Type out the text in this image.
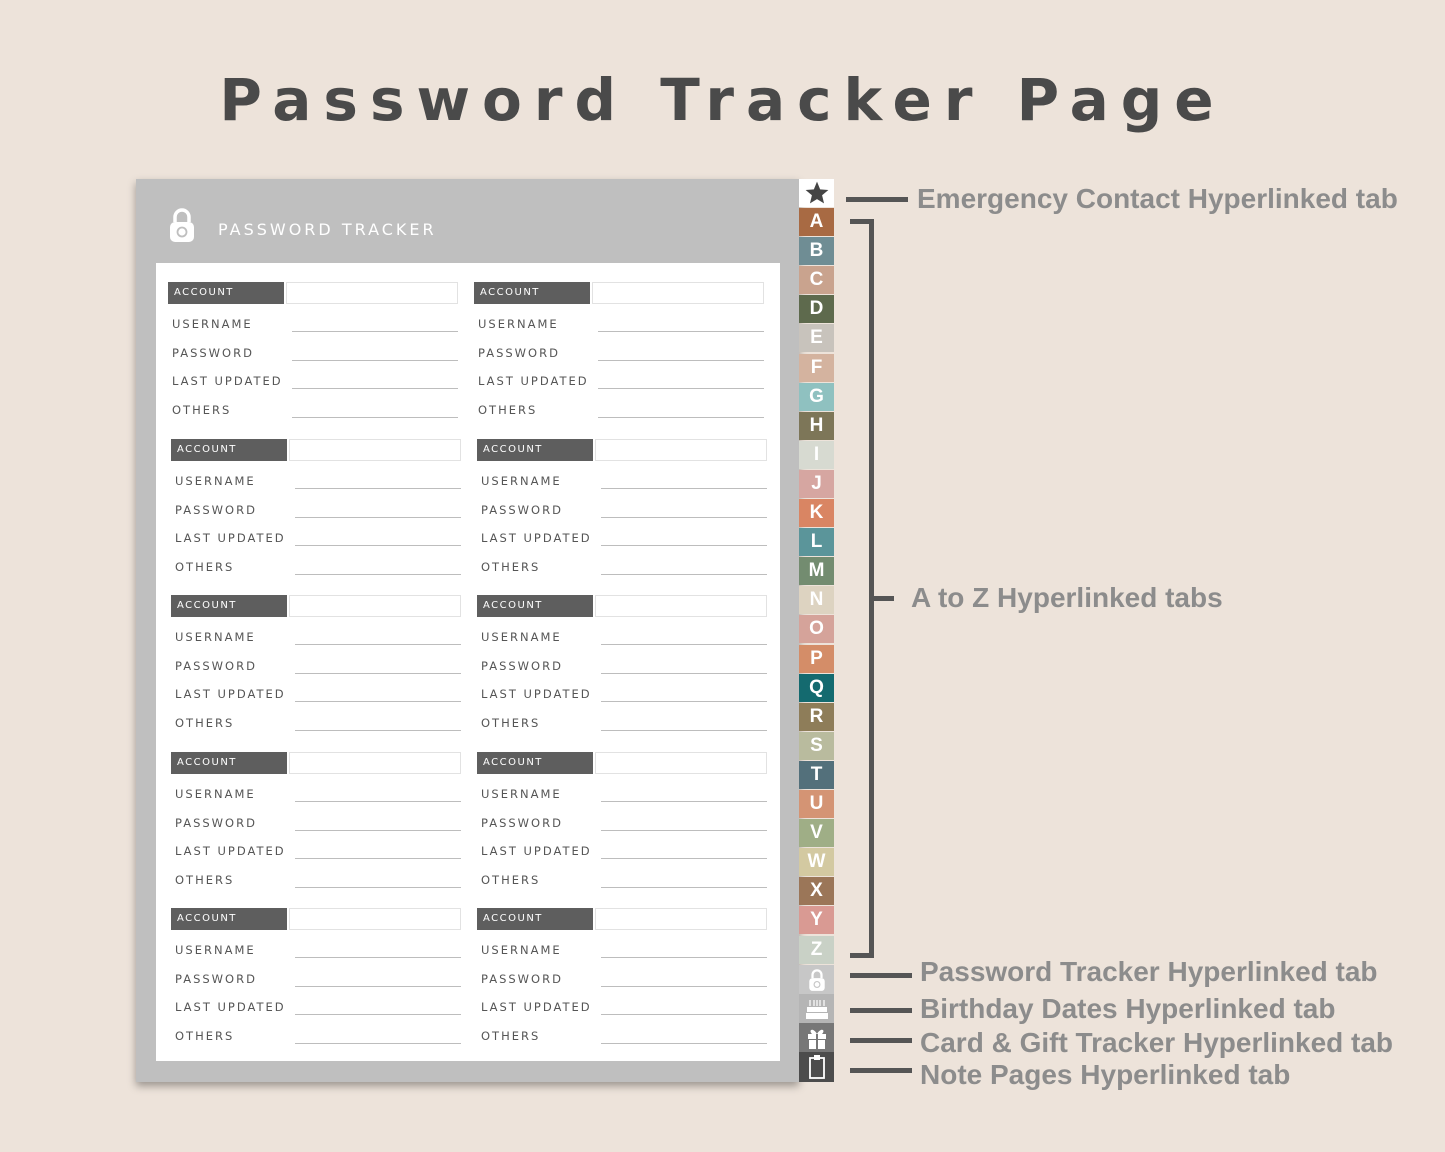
Password Tracker Page
PASSWORD TRACKER
ACCOUNT
USERNAME
PASSWORD
LAST UPDATED
OTHERS
ACCOUNT
USERNAME
PASSWORD
LAST UPDATED
OTHERS
ACCOUNT
USERNAME
PASSWORD
LAST UPDATED
OTHERS
ACCOUNT
USERNAME
PASSWORD
LAST UPDATED
OTHERS
ACCOUNT
USERNAME
PASSWORD
LAST UPDATED
OTHERS
ACCOUNT
USERNAME
PASSWORD
LAST UPDATED
OTHERS
ACCOUNT
USERNAME
PASSWORD
LAST UPDATED
OTHERS
ACCOUNT
USERNAME
PASSWORD
LAST UPDATED
OTHERS
ACCOUNT
USERNAME
PASSWORD
LAST UPDATED
OTHERS
ACCOUNT
USERNAME
PASSWORD
LAST UPDATED
OTHERS
A
B
C
D
E
F
G
H
I
J
K
L
M
N
O
P
Q
R
S
T
U
V
W
X
Y
Z
Emergency Contact Hyperlinked tab
A to Z Hyperlinked tabs
Password Tracker Hyperlinked tab
Birthday Dates Hyperlinked tab
Card & Gift Tracker Hyperlinked tab
Note Pages Hyperlinked tab
